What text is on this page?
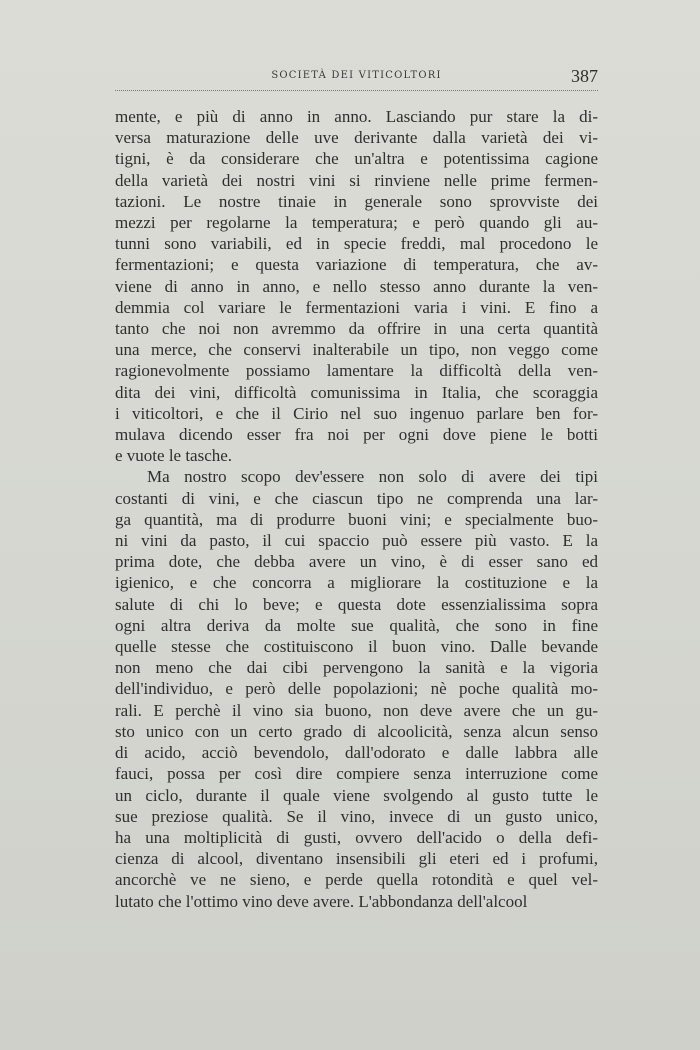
SOCIETÀ DEI VITICOLTORI	387
mente, e più di anno in anno. Lasciando pur stare la di-
versa maturazione delle uve derivante dalla varietà dei vi-
tigni, è da considerare che un'altra e potentissima cagione
della varietà dei nostri vini si rinviene nelle prime fermen-
tazioni. Le nostre tinaie in generale sono sprovviste dei
mezzi per regolarne la temperatura; e però quando gli au-
tunni sono variabili, ed in specie freddi, mal procedono le
fermentazioni; e questa variazione di temperatura, che av-
viene di anno in anno, e nello stesso anno durante la ven-
demmia col variare le fermentazioni varia i vini. E fino a
tanto che noi non avremmo da offrire in una certa quantità
una merce, che conservi inalterabile un tipo, non veggo come
ragionevolmente possiamo lamentare la difficoltà della ven-
dita dei vini, difficoltà comunissima in Italia, che scoraggia
i viticoltori, e che il Cirio nel suo ingenuo parlare ben for-
mulava dicendo esser fra noi per ogni dove piene le botti
e vuote le tasche.
Ma nostro scopo dev'essere non solo di avere dei tipi
costanti di vini, e che ciascun tipo ne comprenda una lar-
ga quantità, ma di produrre buoni vini; e specialmente buo-
ni vini da pasto, il cui spaccio può essere più vasto. E la
prima dote, che debba avere un vino, è di esser sano ed
igienico, e che concorra a migliorare la costituzione e la
salute di chi lo beve; e questa dote essenzialissima sopra
ogni altra deriva da molte sue qualità, che sono in fine
quelle stesse che costituiscono il buon vino. Dalle bevande
non meno che dai cibi pervengono la sanità e la vigoria
dell'individuo, e però delle popolazioni; nè poche qualità mo-
rali. E perchè il vino sia buono, non deve avere che un gu-
sto unico con un certo grado di alcoolicità, senza alcun senso
di acido, acciò bevendolo, dall'odorato e dalle labbra alle
fauci, possa per così dire compiere senza interruzione come
un ciclo, durante il quale viene svolgendo al gusto tutte le
sue preziose qualità. Se il vino, invece di un gusto unico,
ha una moltiplicità di gusti, ovvero dell'acido o della defi-
cienza di alcool, diventano insensibili gli eteri ed i profumi,
ancorchè ve ne sieno, e perde quella rotondità e quel vel-
lutato che l'ottimo vino deve avere. L'abbondanza dell'alcool
